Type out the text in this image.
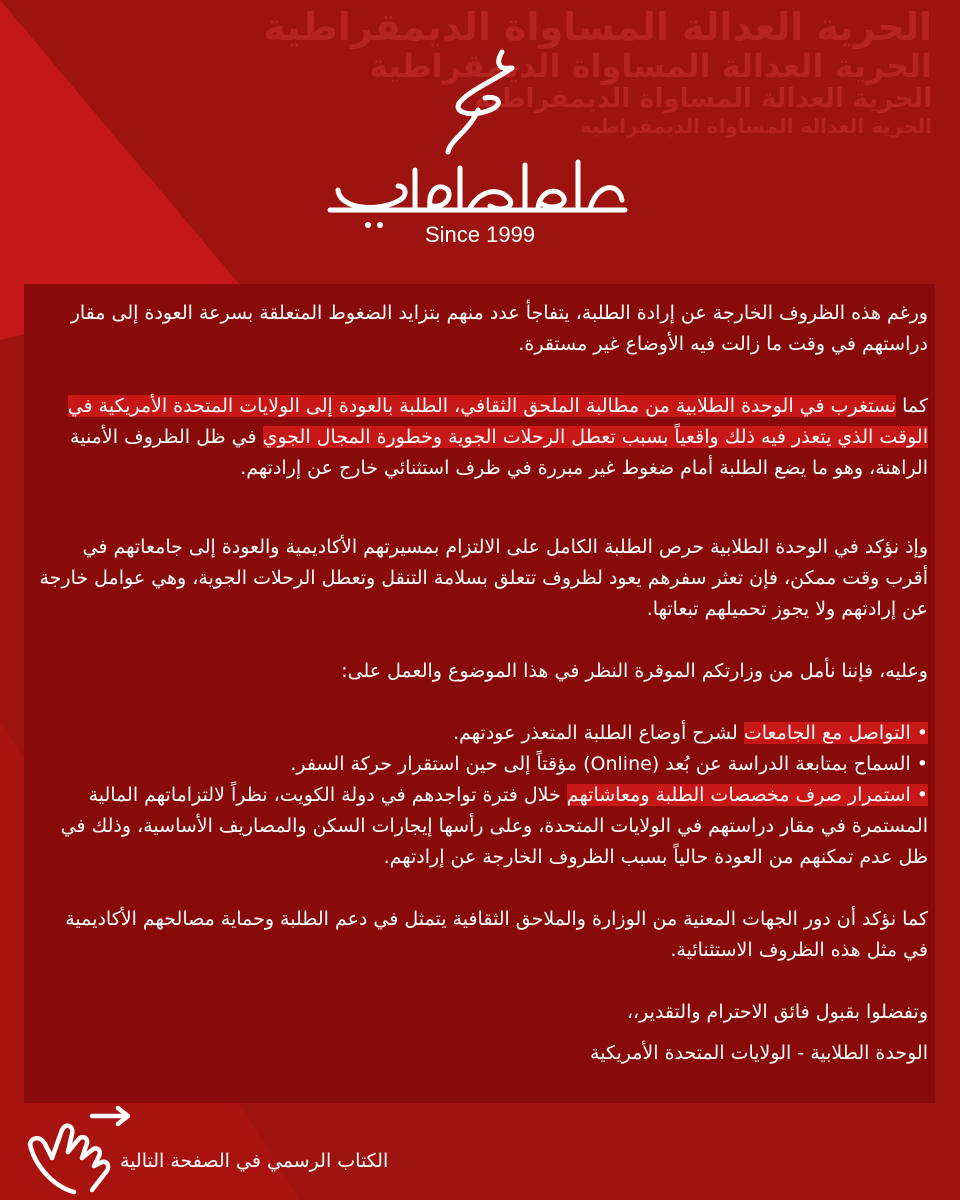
الحرية العدالة المساواة الديمقراطية
الحرية العدالة المساواة الديمقراطية
الحرية العدالة المساواة الديمقراطية
الحرية العدالة المساواة الديمقراطية
Since 1999

ورغم هذه الظروف الخارجة عن إرادة الطلبة، يتفاجأ عدد منهم بتزايد الضغوط المتعلقة بسرعة العودة إلى مقار دراستهم في وقت ما زالت فيه الأوضاع غير مستقرة.

كما نستغرب في الوحدة الطلابية من مطالبة الملحق الثقافي، الطلبة بالعودة إلى الولايات المتحدة الأمريكية في الوقت الذي يتعذر فيه ذلك واقعياً بسبب تعطل الرحلات الجوية وخطورة المجال الجوي في ظل الظروف الأمنية الراهنة، وهو ما يضع الطلبة أمام ضغوط غير مبررة في ظرف استثنائي خارج عن إرادتهم.

وإذ نؤكد في الوحدة الطلابية حرص الطلبة الكامل على الالتزام بمسيرتهم الأكاديمية والعودة إلى جامعاتهم في أقرب وقت ممكن، فإن تعثر سفرهم يعود لظروف تتعلق بسلامة التنقل وتعطل الرحلات الجوية، وهي عوامل خارجة عن إرادتهم ولا يجوز تحميلهم تبعاتها.

وعليه، فإننا نأمل من وزارتكم الموقرة النظر في هذا الموضوع والعمل على:

• التواصل مع الجامعات لشرح أوضاع الطلبة المتعذر عودتهم.

• السماح بمتابعة الدراسة عن بُعد (Online) مؤقتاً إلى حين استقرار حركة السفر.

• استمرار صرف مخصصات الطلبة ومعاشاتهم خلال فترة تواجدهم في دولة الكويت، نظراً لالتزاماتهم المالية المستمرة في مقار دراستهم في الولايات المتحدة، وعلى رأسها إيجارات السكن والمصاريف الأساسية، وذلك في ظل عدم تمكنهم من العودة حالياً بسبب الظروف الخارجة عن إرادتهم.

كما نؤكد أن دور الجهات المعنية من الوزارة والملاحق الثقافية يتمثل في دعم الطلبة وحماية مصالحهم الأكاديمية في مثل هذه الظروف الاستثنائية.

وتفضلوا بقبول فائق الاحترام والتقدير،،

الوحدة الطلابية - الولايات المتحدة الأمريكية

الكتاب الرسمي في الصفحة التالية
